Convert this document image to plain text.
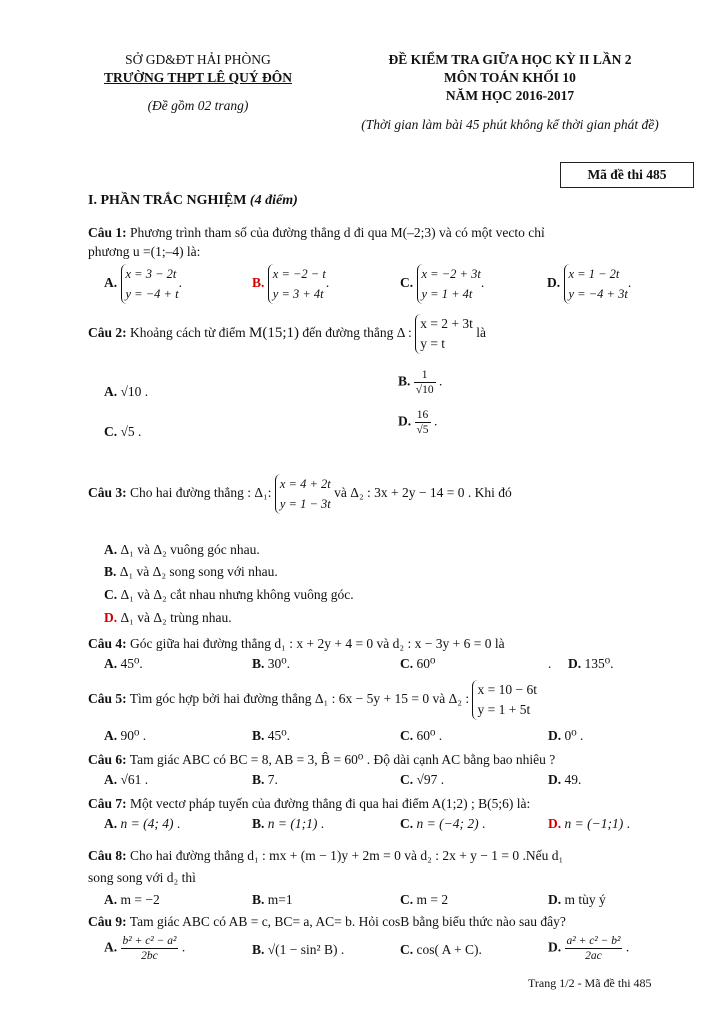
SỞ GD&ĐT HẢI PHÒNG
TRƯỜNG THPT LÊ QUÝ ĐÔN
(Đề gồm 02 trang)
ĐỀ KIỂM TRA GIỮA HỌC KỲ II LẦN 2
MÔN TOÁN KHỐI 10
NĂM HỌC 2016-2017
(Thời gian làm bài 45 phút không kể thời gian phát đề)
Mã đề thi 485
I. PHẦN TRẮC NGHIỆM (4 điểm)
Câu 1: Phương trình tham số của đường thẳng d đi qua M(–2;3) và có một vecto chỉ
phương u =(1;–4) là:
A. x = 3 − 2t
y = −4 + t.	B. x = −2 − t
y = 3 + 4t.	C. x = −2 + 3t
y = 1 + 4t.	D. x = 1 − 2t
y = −4 + 3t.
Câu 2: Khoảng cách từ điểm M(15;1) đến đường thẳng Δ : x = 2 + 3t
y = t là
A. √10 .
B. $\frac{1}{√10}$ .
C. √5 .
D. $\frac{16}{√5}$ .
Câu 3: Cho hai đường thẳng : Δ₁: x = 4 + 2t
y = 1 − 3t và Δ₂ : 3x + 2y − 14 = 0 . Khi đó
A. Δ₁ và Δ₂ vuông góc nhau.
B. Δ₁ và Δ₂ song song với nhau.
C. Δ₁ và Δ₂ cắt nhau nhưng không vuông góc.
D. Δ₁ và Δ₂ trùng nhau.
Câu 4: Góc giữa hai đường thẳng d₁ : x + 2y + 4 = 0 và d₂ : x − 3y + 6 = 0 là
A. 45⁰.	B. 30⁰.	C. 60⁰	. D. 135⁰.
Câu 5: Tìm góc hợp bởi hai đường thẳng Δ₁ : 6x − 5y + 15 = 0 và Δ₂ : x = 10 − 6t
y = 1 + 5t
A. 90⁰ .	B. 45⁰.	C. 60⁰ .	D. 0⁰ .
Câu 6: Tam giác ABC có BC = 8, AB = 3, B̂ = 60⁰ . Độ dài cạnh AC bằng bao nhiêu ?
A. √61 .	B. 7.	C. √97 .	D. 49.
Câu 7: Một vectơ pháp tuyến của đường thẳng đi qua hai điểm A(1;2) ; B(5;6) là:
A. n = (4; 4) .	B. n = (1;1) .	C. n = (−4; 2) .	D. n = (−1;1) .
Câu 8: Cho hai đường thẳng d₁ : mx + (m − 1)y + 2m = 0 và d₂ : 2x + y − 1 = 0 .Nếu d₁
song song với d₂ thì
A. m = −2	B. m=1	C. m = 2	D. m tùy ý
Câu 9: Tam giác ABC có AB = c, BC= a, AC= b. Hỏi cosB bằng biểu thức nào sau đây?
A. $\frac{\text{b² + c² − a²}}{2bc}$ .	B. √(1 − sin² B) .	C. cos( A + C).	D. $\frac{\text{a² + c² − b²}}{2ac}$ .
Trang 1/2 - Mã đề thi 485
